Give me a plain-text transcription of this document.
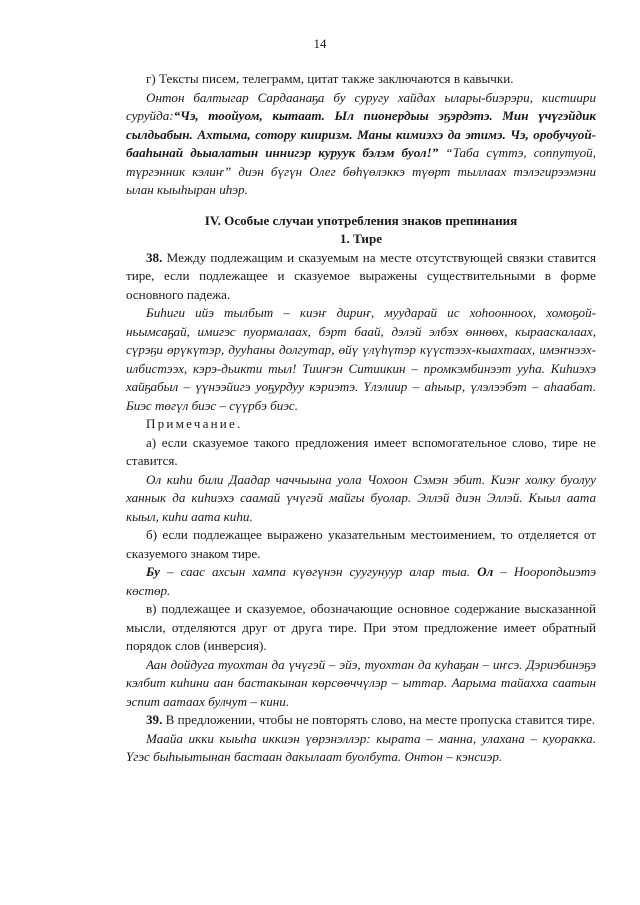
14

г) Тексты писем, телеграмм, цитат также заключаются в кавычки.

Онтон балтыгар Сардаанаҕа бу суругу хайдах ылары-биэрэри, кистиири суруйда:“Чэ, тоойуом, кытаат. Ыл пионердыы эҕэрдэтэ. Мин үчүгэйдик сылдьабын. Ахтыма, сотору кииризм. Маны кимиэхэ да этимэ. Чэ, оробучуой-бааһынай дьыалатын иннигэр куруук бэлэм буол!” “Таба сүттэ, соппутуой, түргэнник кэлиҥ” диэн бүгүн Олег бөһүөлэккэ түөрт тыллаах тэлэгирээмэни ылан кыыһыран иһэр.

IV. Особые случаи употребления знаков препинания
1. Тире

38. Между подлежащим и сказуемым на месте отсутствующей связки ставится тире, если подлежащее и сказуемое выражены существительными в форме основного падежа.

Биһиги ийэ тылбыт – киэҥ дириҥ, муударай ис хоһоонноох, хомоҕой-ньымсаҕай, имигэс пуормалаах, бэрт баай, дэлэй элбэх өннөөх, кырааскалаах, сүрэҕи өрүкүтэр, дууһаны долгутар, өйү үлүһүтэр күүстээх-кыахтаах, имэҥнээх-илбистээх, кэрэ-дьикти тыл! Тииҥэн Ситиикин – промкэмбинээт ууһа. Киһиэхэ хайҕабыл – үүнээйигэ уоҕурдуу кэриэтэ. Үлэлиир – аһыыр, үлэлээбэт – аһаабат. Биэс төгүл биэс – сүүрбэ биэс.

Примечание.

а) если сказуемое такого предложения имеет вспомогательное слово, тире не ставится.

Ол киһи били Даадар чаччыына уола Чохоон Сэмэн эбит. Киэҥ холку буолуу ханнык да киһиэхэ саамай үчүгэй майгы буолар. Эллэй диэн Эллэй. Кыыл аата кыыл, киһи аата киһи.

б) если подлежащее выражено указательным местоимением, то отделяется от сказуемого знаком тире.

Бу – саас ахсын хампа күөгүнэн суугунуур алар тыа. Ол – Нооропдьиэтэ көстөр.

в) подлежащее и сказуемое, обозначающие основное содержание высказанной мысли, отделяются друг от друга тире. При этом предложение имеет обратный порядок слов (инверсия).

Аан дойдуга туохтан да үчүгэй – эйэ, туохтан да куһаҕан – иҥсэ. Дэриэбинэҕэ кэлбит киһини аан бастакынан көрсөөччүлэр – ыттар. Аарыма тайахха саатын эспит аатаах булчут – кини.

39. В предложении, чтобы не повторять слово, на месте пропуска ставится тире.

Маайа икки кыыһа иккиэн үөрэнэллэр: кырата – манна, улахана – куоракка. Үгэс быһыытынан бастаан дакылаат буолбута. Онтон – кэнсиэр.
